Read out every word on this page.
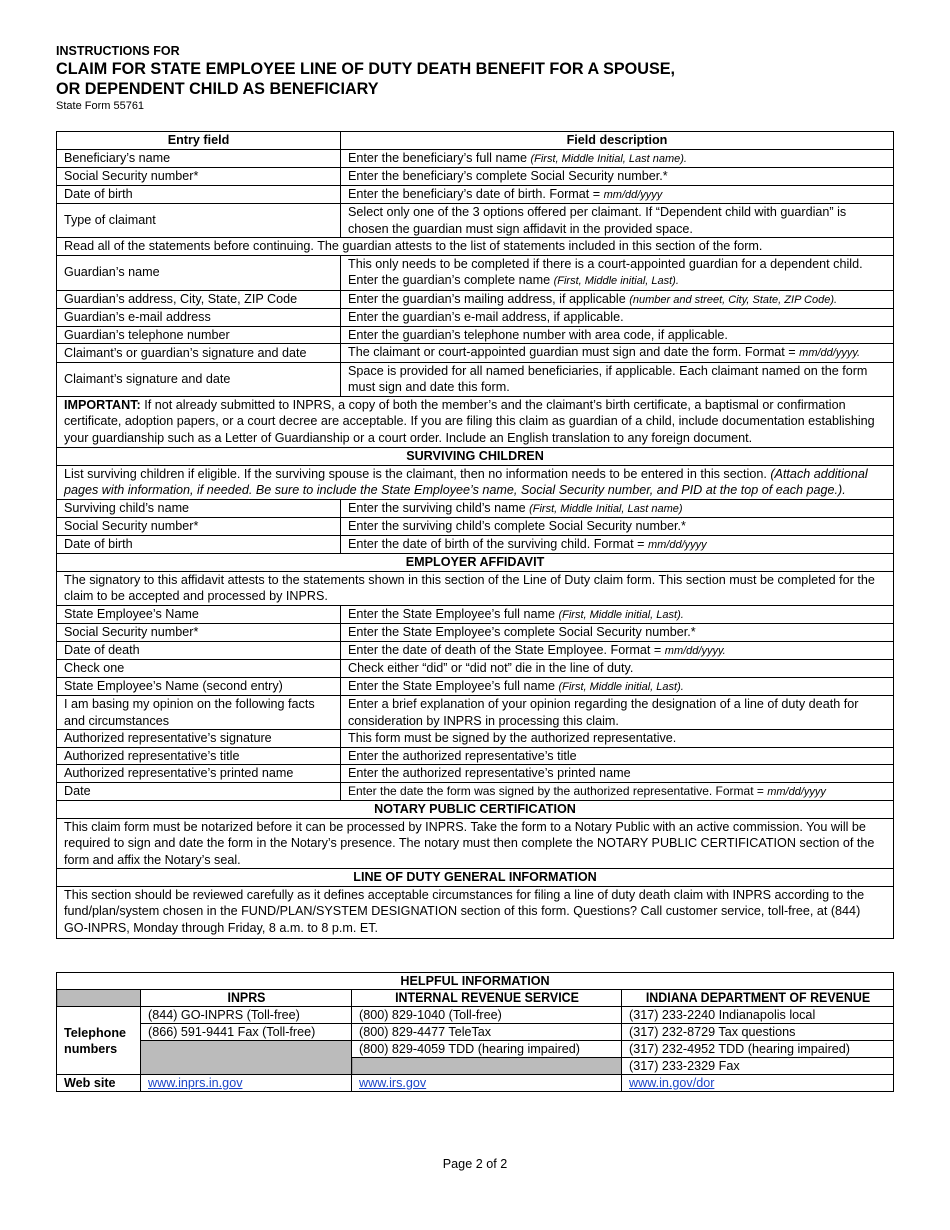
INSTRUCTIONS FOR
CLAIM FOR STATE EMPLOYEE LINE OF DUTY DEATH BENEFIT FOR A SPOUSE,
OR DEPENDENT CHILD AS BENEFICIARY
State Form 55761
Entry field	Field description
Beneficiary’s name	Enter the beneficiary’s full name (First, Middle Initial, Last name).
Social Security number*	Enter the beneficiary’s complete Social Security number.*
Date of birth	Enter the beneficiary’s date of birth. Format = mm/dd/yyyy
Type of claimant	Select only one of the 3 options offered per claimant. If “Dependent child with guardian” is chosen the guardian must sign affidavit in the provided space.
Read all of the statements before continuing. The guardian attests to the list of statements included in this section of the form.	
Guardian’s name	This only needs to be completed if there is a court-appointed guardian for a dependent child. Enter the guardian’s complete name (First, Middle initial, Last).
Guardian’s address, City, State, ZIP Code	Enter the guardian’s mailing address, if applicable (number and street, City, State, ZIP Code).
Guardian’s e-mail address	Enter the guardian’s e-mail address, if applicable.
Guardian’s telephone number	Enter the guardian’s telephone number with area code, if applicable.
Claimant’s or guardian’s signature and date	The claimant or court-appointed guardian must sign and date the form. Format = mm/dd/yyyy.
Claimant’s signature and date	Space is provided for all named beneficiaries, if applicable. Each claimant named on the form must sign and date this form.
IMPORTANT: If not already submitted to INPRS, a copy of both the member’s and the claimant’s birth certificate, a baptismal or confirmation certificate, adoption papers, or a court decree are acceptable. If you are filing this claim as guardian of a child, include documentation establishing your guardianship such as a Letter of Guardianship or a court order. Include an English translation to any foreign document.	
SURVIVING CHILDREN	
List surviving children if eligible. If the surviving spouse is the claimant, then no information needs to be entered in this section. (Attach additional pages with information, if needed. Be sure to include the State Employee’s name, Social Security number, and PID at the top of each page.).	
Surviving child’s name	Enter the surviving child’s name (First, Middle Initial, Last name)
Social Security number*	Enter the surviving child’s complete Social Security number.*
Date of birth	Enter the date of birth of the surviving child. Format = mm/dd/yyyy
EMPLOYER AFFIDAVIT	
The signatory to this affidavit attests to the statements shown in this section of the Line of Duty claim form. This section must be completed for the claim to be accepted and processed by INPRS.	
State Employee’s Name	Enter the State Employee’s full name (First, Middle initial, Last).
Social Security number*	Enter the State Employee’s complete Social Security number.*
Date of death	Enter the date of death of the State Employee. Format = mm/dd/yyyy.
Check one	Check either “did” or “did not” die in the line of duty.
State Employee’s Name (second entry)	Enter the State Employee’s full name (First, Middle initial, Last).
I am basing my opinion on the following facts and circumstances	Enter a brief explanation of your opinion regarding the designation of a line of duty death for consideration by INPRS in processing this claim.
Authorized representative’s signature	This form must be signed by the authorized representative.
Authorized representative’s title	Enter the authorized representative’s title
Authorized representative’s printed name	Enter the authorized representative’s printed name
Date	Enter the date the form was signed by the authorized representative. Format = mm/dd/yyyy
NOTARY PUBLIC CERTIFICATION	
This claim form must be notarized before it can be processed by INPRS. Take the form to a Notary Public with an active commission. You will be required to sign and date the form in the Notary’s presence. The notary must then complete the NOTARY PUBLIC CERTIFICATION section of the form and affix the Notary’s seal.	
LINE OF DUTY GENERAL INFORMATION	
This section should be reviewed carefully as it defines acceptable circumstances for filing a line of duty death claim with INPRS according to the fund/plan/system chosen in the FUND/PLAN/SYSTEM DESIGNATION section of this form. Questions? Call customer service, toll-free, at (844) GO-INPRS, Monday through Friday, 8 a.m. to 8 p.m. ET.	
HELPFUL INFORMATION			
	INPRS	INTERNAL REVENUE SERVICE	INDIANA DEPARTMENT OF REVENUE
Telephone numbers	(844) GO-INPRS (Toll-free)	(800) 829-1040 (Toll-free)	(317) 233-2240 Indianapolis local
	(866) 591-9441 Fax (Toll-free)	(800) 829-4477 TeleTax	(317) 232-8729 Tax questions
		(800) 829-4059 TDD (hearing impaired)	(317) 232-4952 TDD (hearing impaired)
			(317) 233-2329 Fax
Web site	www.inprs.in.gov	www.irs.gov	www.in.gov/dor
Page 2 of 2
